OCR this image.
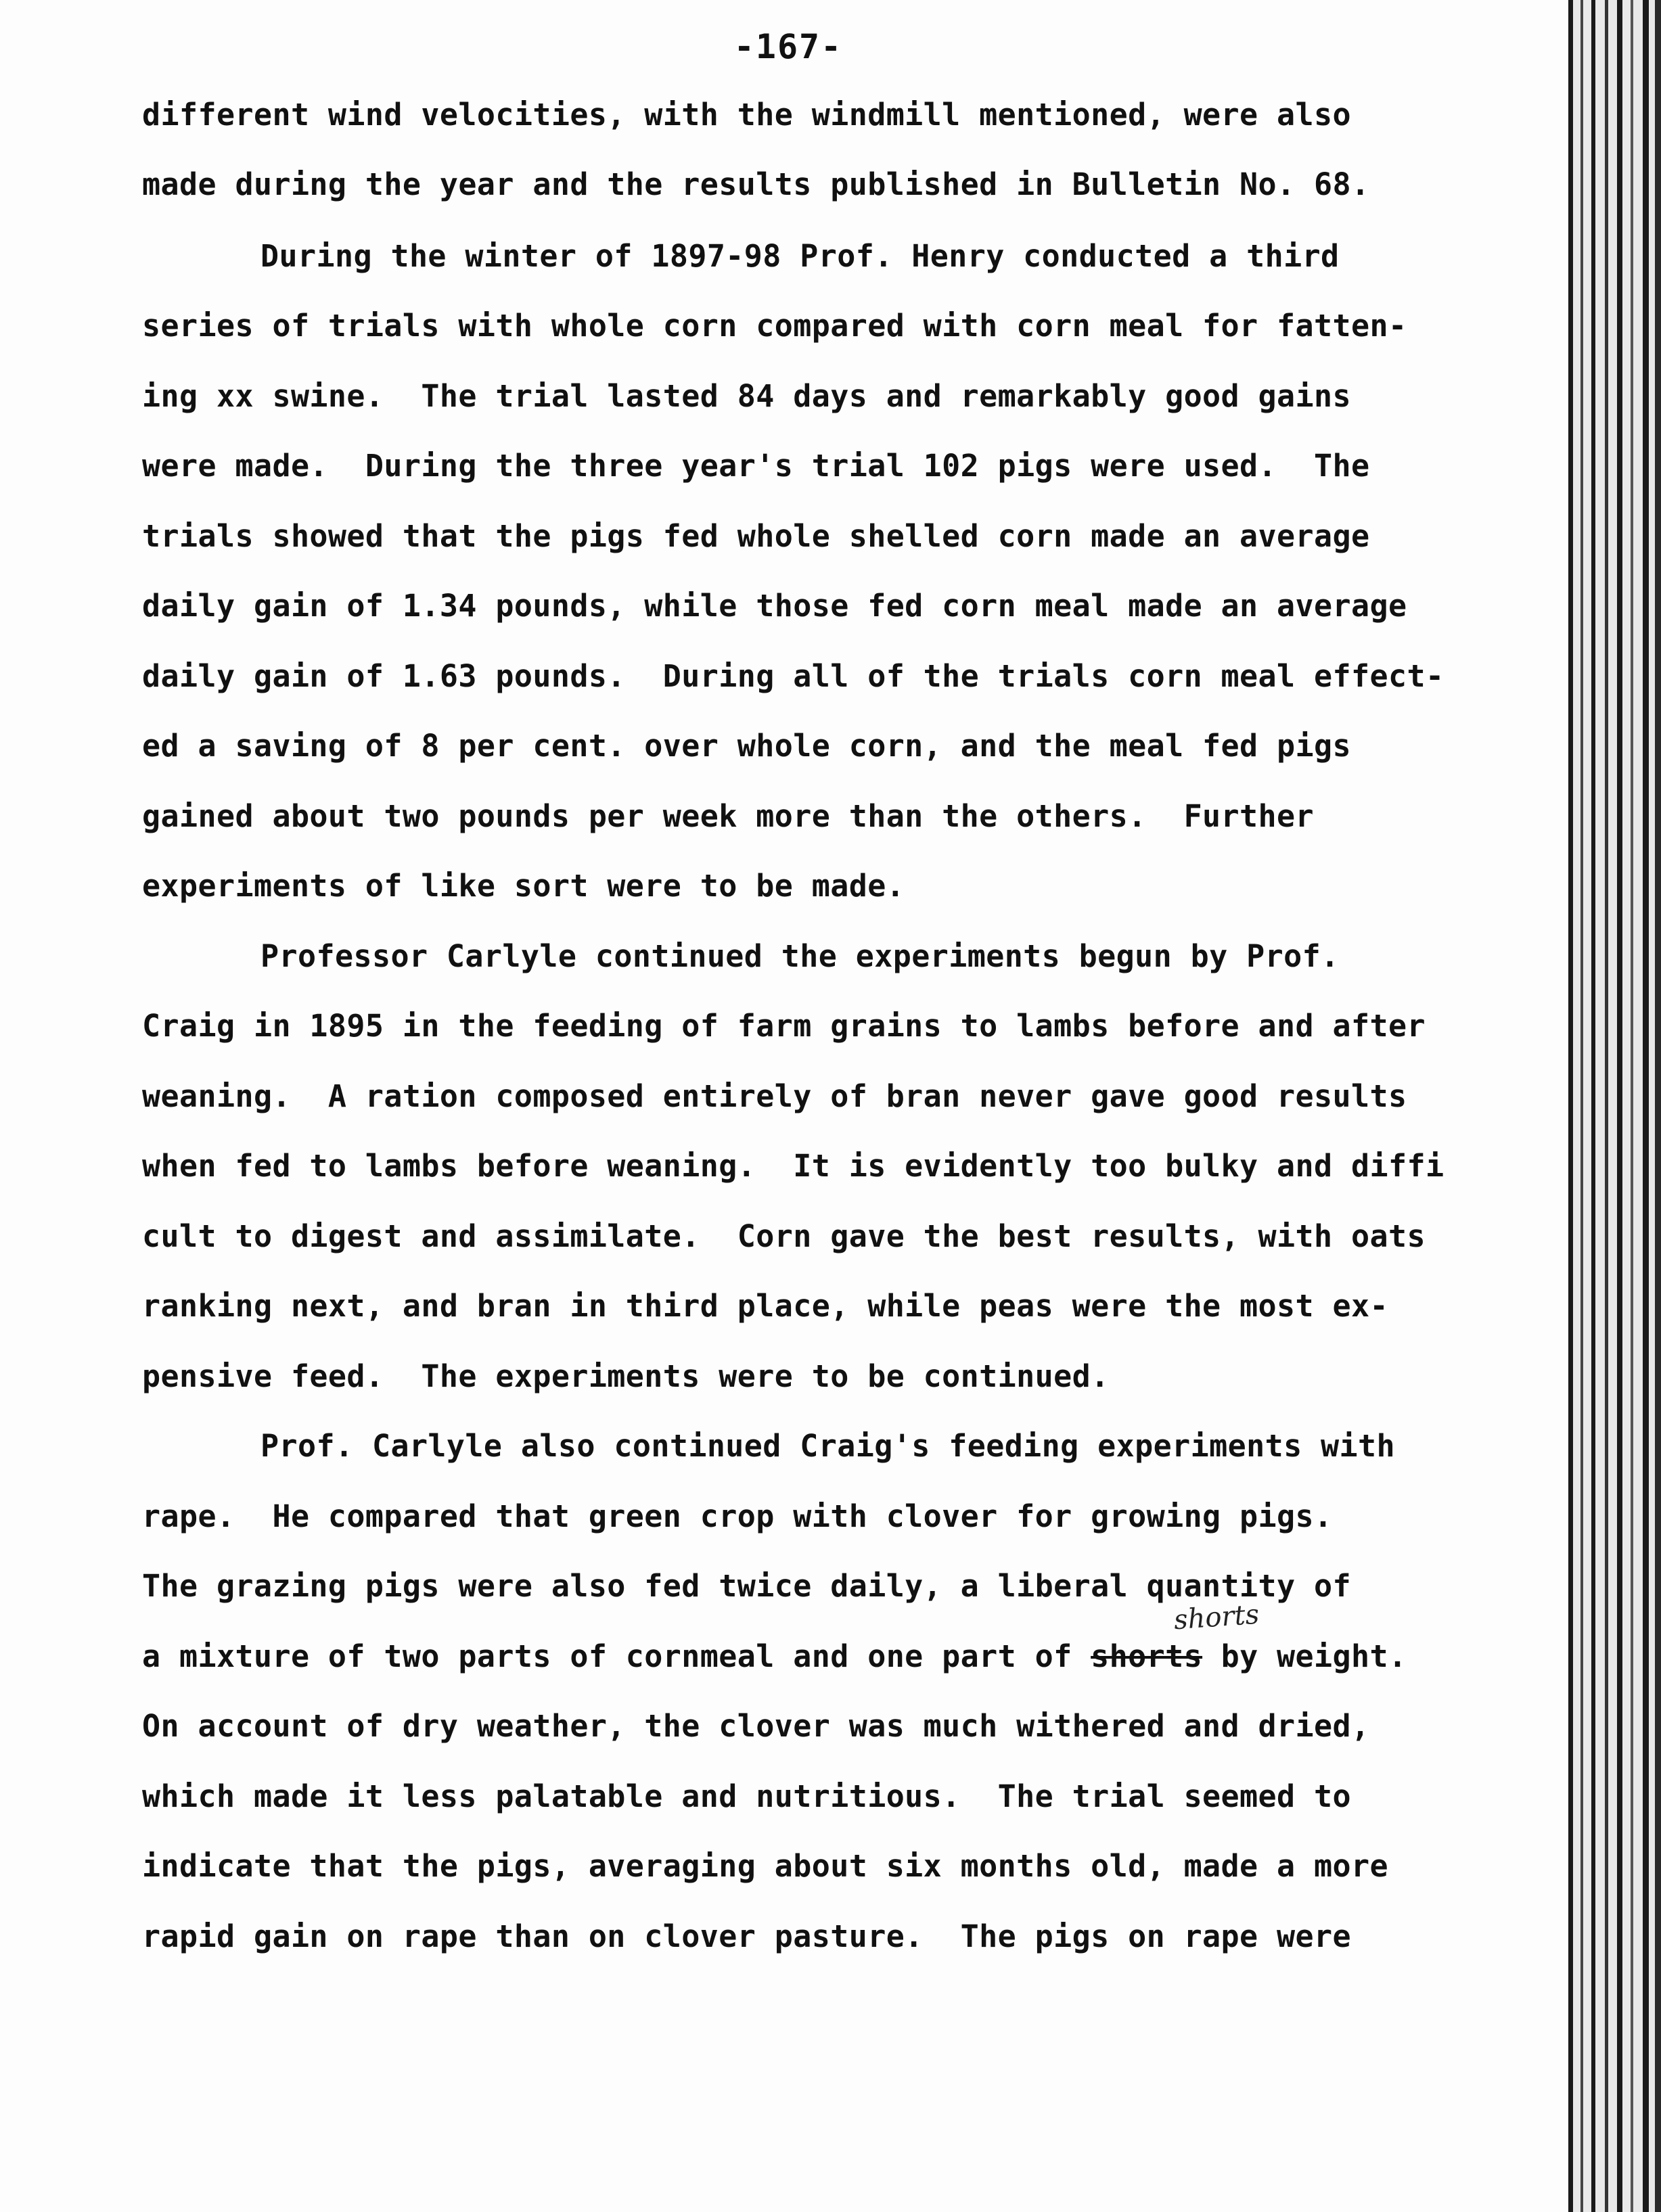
-167-
different wind velocities, with the windmill mentioned, were also
made during the year and the results published in Bulletin No. 68.
During the winter of 1897-98 Prof. Henry conducted a third
series of trials with whole corn compared with corn meal for fatten-
ing xx swine.  The trial lasted 84 days and remarkably good gains
were made.  During the three year's trial 102 pigs were used.  The
trials showed that the pigs fed whole shelled corn made an average
daily gain of 1.34 pounds, while those fed corn meal made an average
daily gain of 1.63 pounds.  During all of the trials corn meal effect-
ed a saving of 8 per cent. over whole corn, and the meal fed pigs
gained about two pounds per week more than the others.  Further
experiments of like sort were to be made.
Professor Carlyle continued the experiments begun by Prof.
Craig in 1895 in the feeding of farm grains to lambs before and after
weaning.  A ration composed entirely of bran never gave good results
when fed to lambs before weaning.  It is evidently too bulky and diffi
cult to digest and assimilate.  Corn gave the best results, with oats
ranking next, and bran in third place, while peas were the most ex-
pensive feed.  The experiments were to be continued.
Prof. Carlyle also continued Craig's feeding experiments with
rape.  He compared that green crop with clover for growing pigs.
The grazing pigs were also fed twice daily, a liberal quantity of
a mixture of two parts of cornmeal and one part of shorts by weight.
shorts
On account of dry weather, the clover was much withered and dried,
which made it less palatable and nutritious.  The trial seemed to
indicate that the pigs, averaging about six months old, made a more
rapid gain on rape than on clover pasture.  The pigs on rape were
